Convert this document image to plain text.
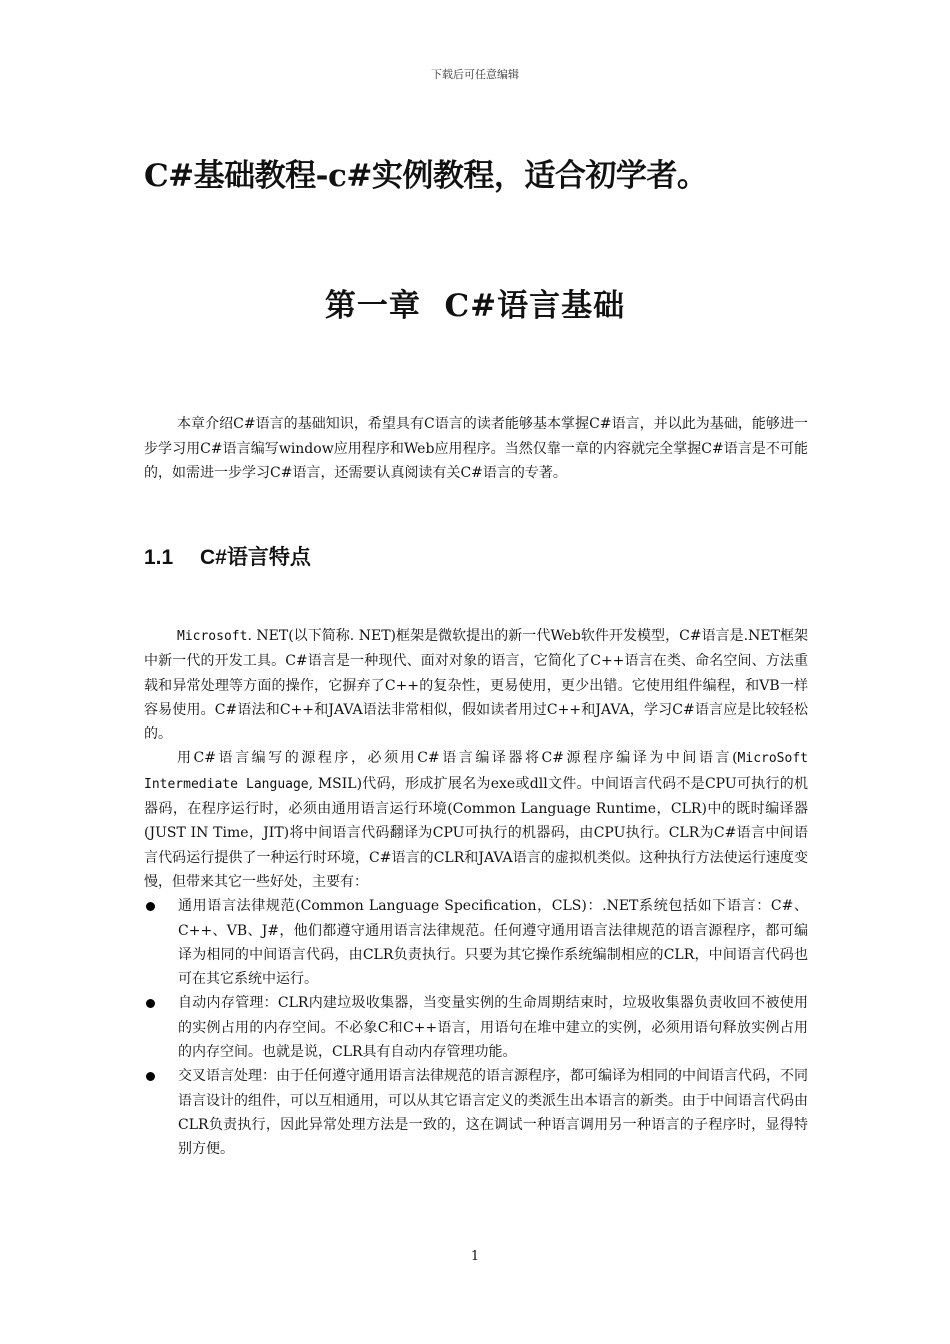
下载后可任意编辑
C#基础教程-c#实例教程，适合初学者。
第一章  C#语言基础

本章介绍C#语言的基础知识，希望具有C语言的读者能够基本掌握C#语言，并以此为基础，能够进一步学习用C#语言编写window应用程序和Web应用程序。当然仅靠一章的内容就完全掌握C#语言是不可能的，如需进一步学习C#语言，还需要认真阅读有关C#语言的专著。

1.1 C#语言特点

Microsoft. NET(以下简称. NET)框架是微软提出的新一代Web软件开发模型，C#语言是.NET框架中新一代的开发工具。C#语言是一种现代、面对对象的语言，它简化了C++语言在类、命名空间、方法重载和异常处理等方面的操作，它摒弃了C++的复杂性，更易使用，更少出错。它使用组件编程，和VB一样容易使用。C#语法和C++和JAVA语法非常相似，假如读者用过C++和JAVA，学习C#语言应是比较轻松的。

用C#语言编写的源程序，必须用C#语言编译器将C#源程序编译为中间语言(MicroSoft Intermediate Language, MSIL)代码，形成扩展名为exe或dll文件。中间语言代码不是CPU可执行的机器码，在程序运行时，必须由通用语言运行环境(Common Language Runtime，CLR)中的既时编译器(JUST IN Time，JIT)将中间语言代码翻译为CPU可执行的机器码，由CPU执行。CLR为C#语言中间语言代码运行提供了一种运行时环境，C#语言的CLR和JAVA语言的虚拟机类似。这种执行方法使运行速度变慢，但带来其它一些好处，主要有：

通用语言法律规范(Common Language Specification，CLS)：.NET系统包括如下语言：C#、C++、VB、J#，他们都遵守通用语言法律规范。任何遵守通用语言法律规范的语言源程序，都可编译为相同的中间语言代码，由CLR负责执行。只要为其它操作系统编制相应的CLR，中间语言代码也可在其它系统中运行。
自动内存管理：CLR内建垃圾收集器，当变量实例的生命周期结束时，垃圾收集器负责收回不被使用的实例占用的内存空间。不必象C和C++语言，用语句在堆中建立的实例，必须用语句释放实例占用的内存空间。也就是说，CLR具有自动内存管理功能。
交叉语言处理：由于任何遵守通用语言法律规范的语言源程序，都可编译为相同的中间语言代码，不同语言设计的组件，可以互相通用，可以从其它语言定义的类派生出本语言的新类。由于中间语言代码由CLR负责执行，因此异常处理方法是一致的，这在调试一种语言调用另一种语言的子程序时，显得特别方便。
1
